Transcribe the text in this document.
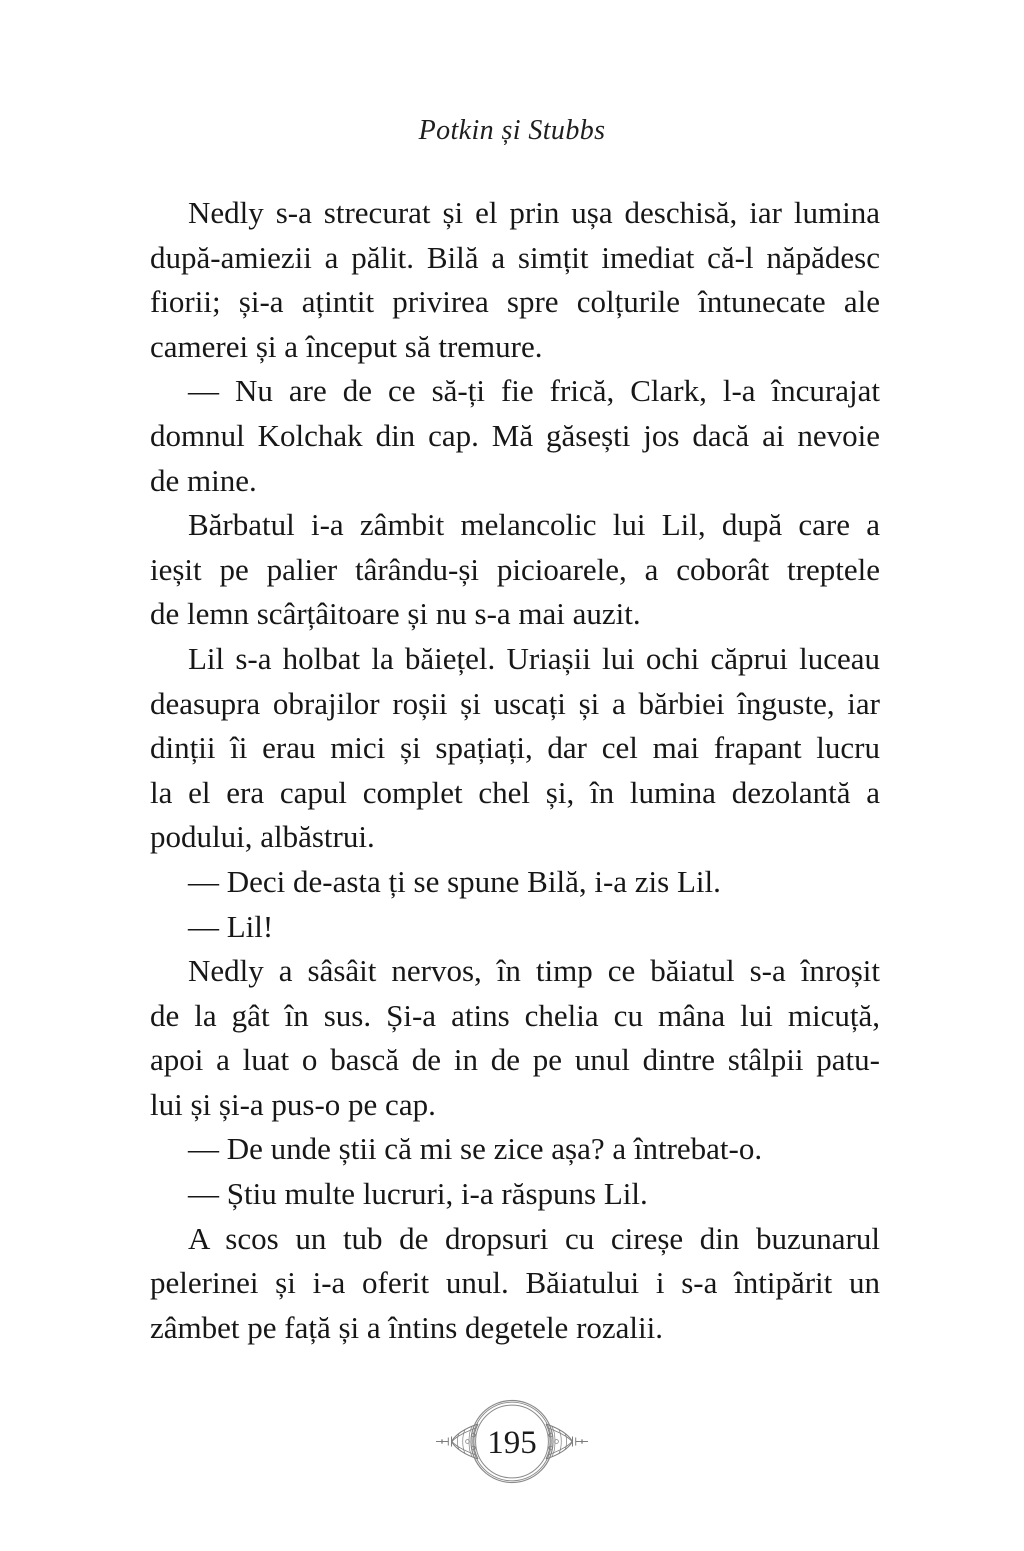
Potkin și Stubbs
Nedly s-a strecurat și el prin ușa deschisă, iar lumina
după-amiezii a pălit. Bilă a simțit imediat că-l năpădesc
fiorii; și-a ațintit privirea spre colțurile întunecate ale
camerei și a început să tremure.
— Nu are de ce să-ți fie frică, Clark, l-a încurajat
domnul Kolchak din cap. Mă găsești jos dacă ai nevoie
de mine.
Bărbatul i-a zâmbit melancolic lui Lil, după care a
ieșit pe palier târându-și picioarele, a coborât treptele
de lemn scârțâitoare și nu s-a mai auzit.
Lil s-a holbat la băiețel. Uriașii lui ochi căprui luceau
deasupra obrajilor roșii și uscați și a bărbiei înguste, iar
dinții îi erau mici și spațiați, dar cel mai frapant lucru
la el era capul complet chel și, în lumina dezolantă a
podului, albăstrui.
— Deci de-asta ți se spune Bilă, i-a zis Lil.
— Lil!
Nedly a sâsâit nervos, în timp ce băiatul s-a înroșit
de la gât în sus. Și-a atins chelia cu mâna lui micuță,
apoi a luat o bască de in de pe unul dintre stâlpii patu-
lui și și-a pus-o pe cap.
— De unde știi că mi se zice așa? a întrebat-o.
— Știu multe lucruri, i-a răspuns Lil.
A scos un tub de dropsuri cu cireșe din buzunarul
pelerinei și i-a oferit unul. Băiatului i s-a întipărit un
zâmbet pe față și a întins degetele rozalii.
195
